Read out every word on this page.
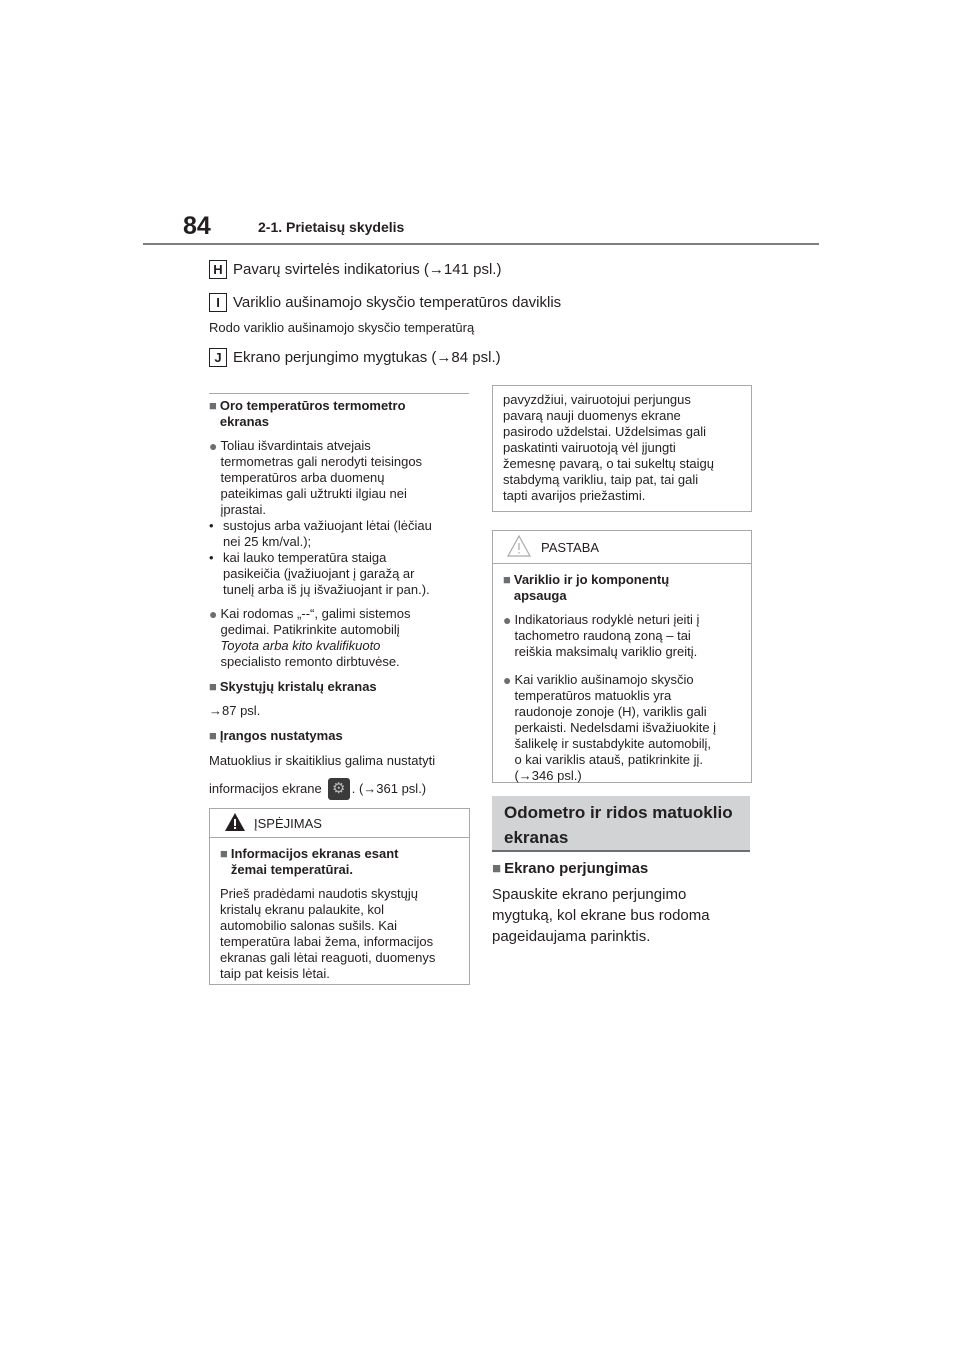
84	2-1. Prietaisų skydelis
H Pavarų svirtelės indikatorius (→141 psl.)
I Variklio aušinamojo skysčio temperatūros daviklis
Rodo variklio aušinamojo skysčio temperatūrą
J Ekrano perjungimo mygtukas (→84 psl.)
■ Oro temperatūros termometro
ekranas
● Toliau išvardintais atvejais
termometras gali nerodyti teisingos
temperatūros arba duomenų
pateikimas gali užtrukti ilgiau nei
įprastai.
• sustojus arba važiuojant lėtai (lėčiau
nei 25 km/val.);
• kai lauko temperatūra staiga
pasikeičia (įvažiuojant į garažą ar
tunelį arba iš jų išvažiuojant ir pan.).
● Kai rodomas „--“, galimi sistemos
gedimai. Patikrinkite automobilį
Toyota arba kito kvalifikuoto
specialisto remonto dirbtuvėse.
■ Skystųjų kristalų ekranas
→87 psl.
■ Įrangos nustatymas
Matuoklius ir skaitiklius galima nustatyti
informacijos ekrane ⚙ . (→361 psl.)
ĮSPĖJIMAS
■ Informacijos ekranas esant
žemai temperatūrai.
Prieš pradėdami naudotis skystųjų
kristalų ekranu palaukite, kol
automobilio salonas sušils. Kai
temperatūra labai žema, informacijos
ekranas gali lėtai reaguoti, duomenys
taip pat keisis lėtai.
pavyzdžiui, vairuotojui perjungus
pavarą nauji duomenys ekrane
pasirodo uždelstai. Uždelsimas gali
paskatinti vairuotoją vėl įjungti
žemesnę pavarą, o tai sukeltų staigų
stabdymą varikliu, taip pat, tai gali
tapti avarijos priežastimi.
PASTABA
■ Variklio ir jo komponentų
apsauga
● Indikatoriaus rodyklė neturi įeiti į
tachometro raudoną zoną – tai
reiškia maksimalų variklio greitį.
● Kai variklio aušinamojo skysčio
temperatūros matuoklis yra
raudonoje zonoje (H), variklis gali
perkaisti. Nedelsdami išvažiuokite į
šalikelę ir sustabdykite automobilį,
o kai variklis atauš, patikrinkite jį.
(→346 psl.)
Odometro ir ridos matuoklio
ekranas
■ Ekrano perjungimas
Spauskite ekrano perjungimo
mygtuką, kol ekrane bus rodoma
pageidaujama parinktis.
